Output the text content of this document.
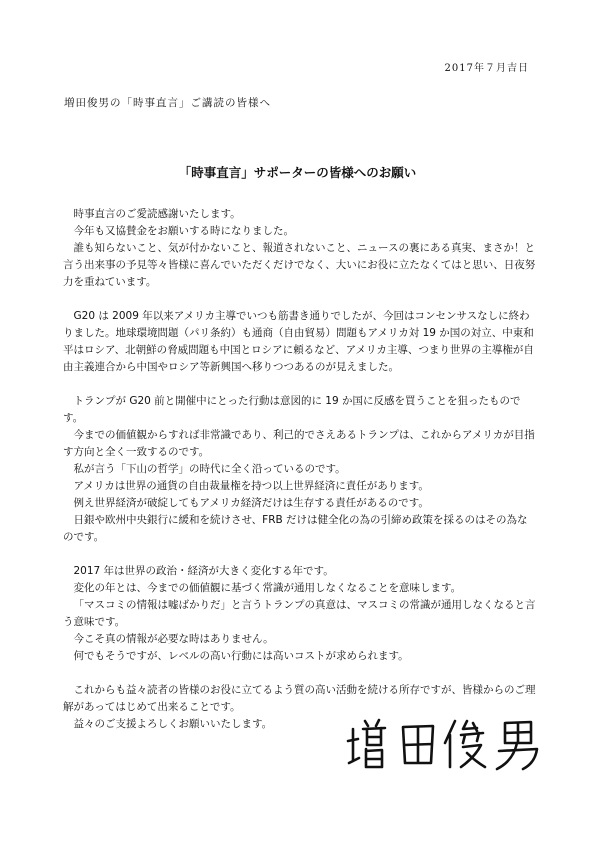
2017年７月吉日
増田俊男の「時事直言」ご講読の皆様へ
「時事直言」サポーターの皆様へのお願い

時事直言のご愛読感謝いたします。

今年も又協賛金をお願いする時になりました。

誰も知らないこと、気が付かないこと、報道されないこと、ニュースの裏にある真実、まさか！と言う出来事の予見等々皆様に喜んでいただくだけでなく、大いにお役に立たなくてはと思い、日夜努力を重ねています。

G20 は 2009 年以来アメリカ主導でいつも筋書き通りでしたが、今回はコンセンサスなしに終わりました。地球環境問題（パリ条約）も通商（自由貿易）問題もアメリカ対 19 か国の対立、中東和平はロシア、北朝鮮の脅威問題も中国とロシアに頼るなど、アメリカ主導、つまり世界の主導権が自由主義連合から中国やロシア等新興国へ移りつつあるのが見えました。

トランプが G20 前と開催中にとった行動は意図的に 19 か国に反感を買うことを狙ったものです。

今までの価値観からすれば非常識であり、利己的でさえあるトランプは、これからアメリカが目指す方向と全く一致するのです。

私が言う「下山の哲学」の時代に全く沿っているのです。

アメリカは世界の通貨の自由裁量権を持つ以上世界経済に責任があります。

例え世界経済が破綻してもアメリカ経済だけは生存する責任があるのです。

日銀や欧州中央銀行に緩和を続けさせ、FRB だけは健全化の為の引締め政策を採るのはその為なのです。

2017 年は世界の政治・経済が大きく変化する年です。

変化の年とは、今までの価値観に基づく常識が通用しなくなることを意味します。

「マスコミの情報は嘘ばかりだ」と言うトランプの真意は、マスコミの常識が通用しなくなると言う意味です。

今こそ真の情報が必要な時はありません。

何でもそうですが、レベルの高い行動には高いコストが求められます。

これからも益々読者の皆様のお役に立てるよう質の高い活動を続ける所存ですが、皆様からのご理解があってはじめて出来ることです。

益々のご支援よろしくお願いいたします。
